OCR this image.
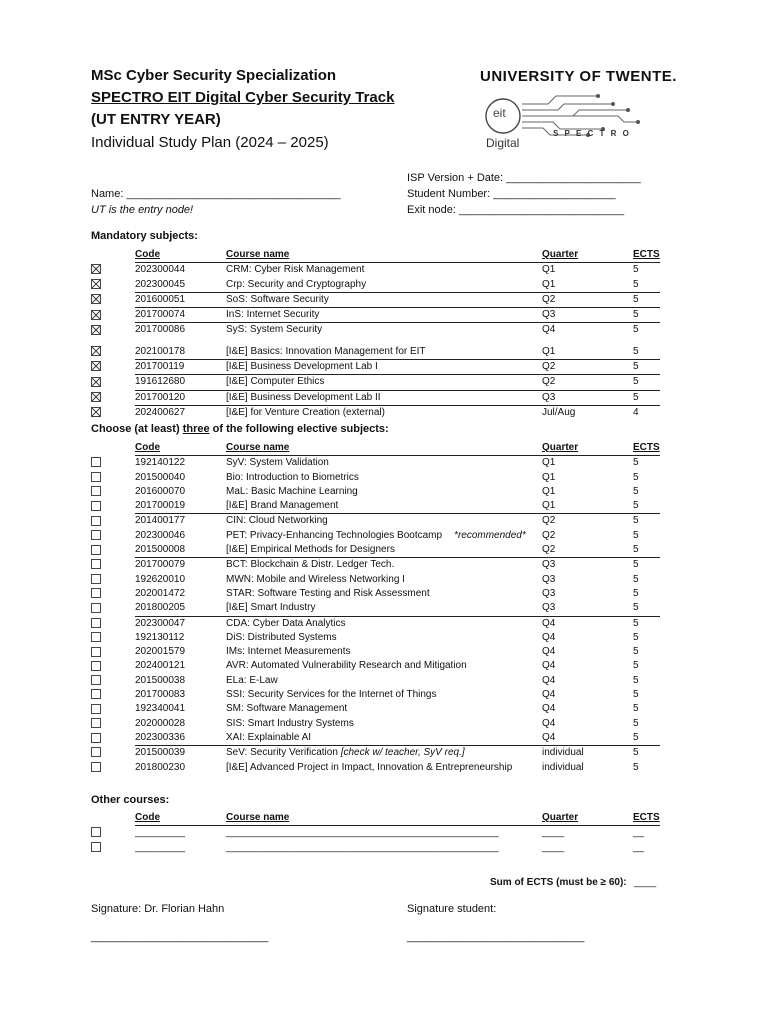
MSc Cyber Security Specialization
SPECTRO EIT Digital Cyber Security Track
(UT ENTRY YEAR)
Individual Study Plan (2024 – 2025)
UNIVERSITY OF TWENTE.
eit
Digital
S P E C T R O
ISP Version + Date: ______________________
Student Number: ____________________
Exit node: ___________________________
Name: ___________________________________
UT is the entry node!
Mandatory subjects:
	Code	Course name	Quarter	ECTS
	202300044	CRM: Cyber Risk Management	Q1	5
	202300045	Crp: Security and Cryptography	Q1	5
	201600051	SoS: Software Security	Q2	5
	201700074	InS: Internet Security	Q3	5
	201700086	SyS: System Security	Q4	5

	202100178	[I&E] Basics: Innovation Management for EIT	Q1	5
	201700119	[I&E] Business Development Lab I	Q2	5
	191612680	[I&E] Computer Ethics	Q2	5
	201700120	[I&E] Business Development Lab II	Q3	5
	202400627	[I&E] for Venture Creation (external)	Jul/Aug	4
Choose (at least) three of the following elective subjects:
	Code	Course name	Quarter	ECTS
	192140122	SyV: System Validation	Q1	5
	201500040	Bio: Introduction to Biometrics	Q1	5
	201600070	MaL: Basic Machine Learning	Q1	5
	201700019	[I&E] Brand Management	Q1	5
	201400177	CIN: Cloud Networking	Q2	5
	202300046	PET: Privacy-Enhancing Technologies Bootcamp *recommended*	Q2	5
	201500008	[I&E] Empirical Methods for Designers	Q2	5
	201700079	BCT: Blockchain & Distr. Ledger Tech.	Q3	5
	192620010	MWN: Mobile and Wireless Networking I	Q3	5
	202001472	STAR: Software Testing and Risk Assessment	Q3	5
	201800205	[I&E] Smart Industry	Q3	5
	202300047	CDA: Cyber Data Analytics	Q4	5
	192130112	DiS: Distributed Systems	Q4	5
	202001579	IMs: Internet Measurements	Q4	5
	202400121	AVR: Automated Vulnerability Research and Mitigation	Q4	5
	201500038	ELa: E-Law	Q4	5
	201700083	SSI: Security Services for the Internet of Things	Q4	5
	192340041	SM: Software Management	Q4	5
	202000028	SIS: Smart Industry Systems	Q4	5
	202300336	XAI: Explainable AI	Q4	5
	201500039	SeV: Security Verification [check w/ teacher, SyV req.]	individual	5
	201800230	[I&E] Advanced Project in Impact, Innovation & Entrepreneurship	individual	5
Other courses:
	Code	Course name	Quarter	ECTS
	_________	_________________________________________________	____	__
	_________	_________________________________________________	____	__
Sum of ECTS (must be ≥ 60): ____
Signature: Dr. Florian Hahn	Signature student:
_____________________________	_____________________________
